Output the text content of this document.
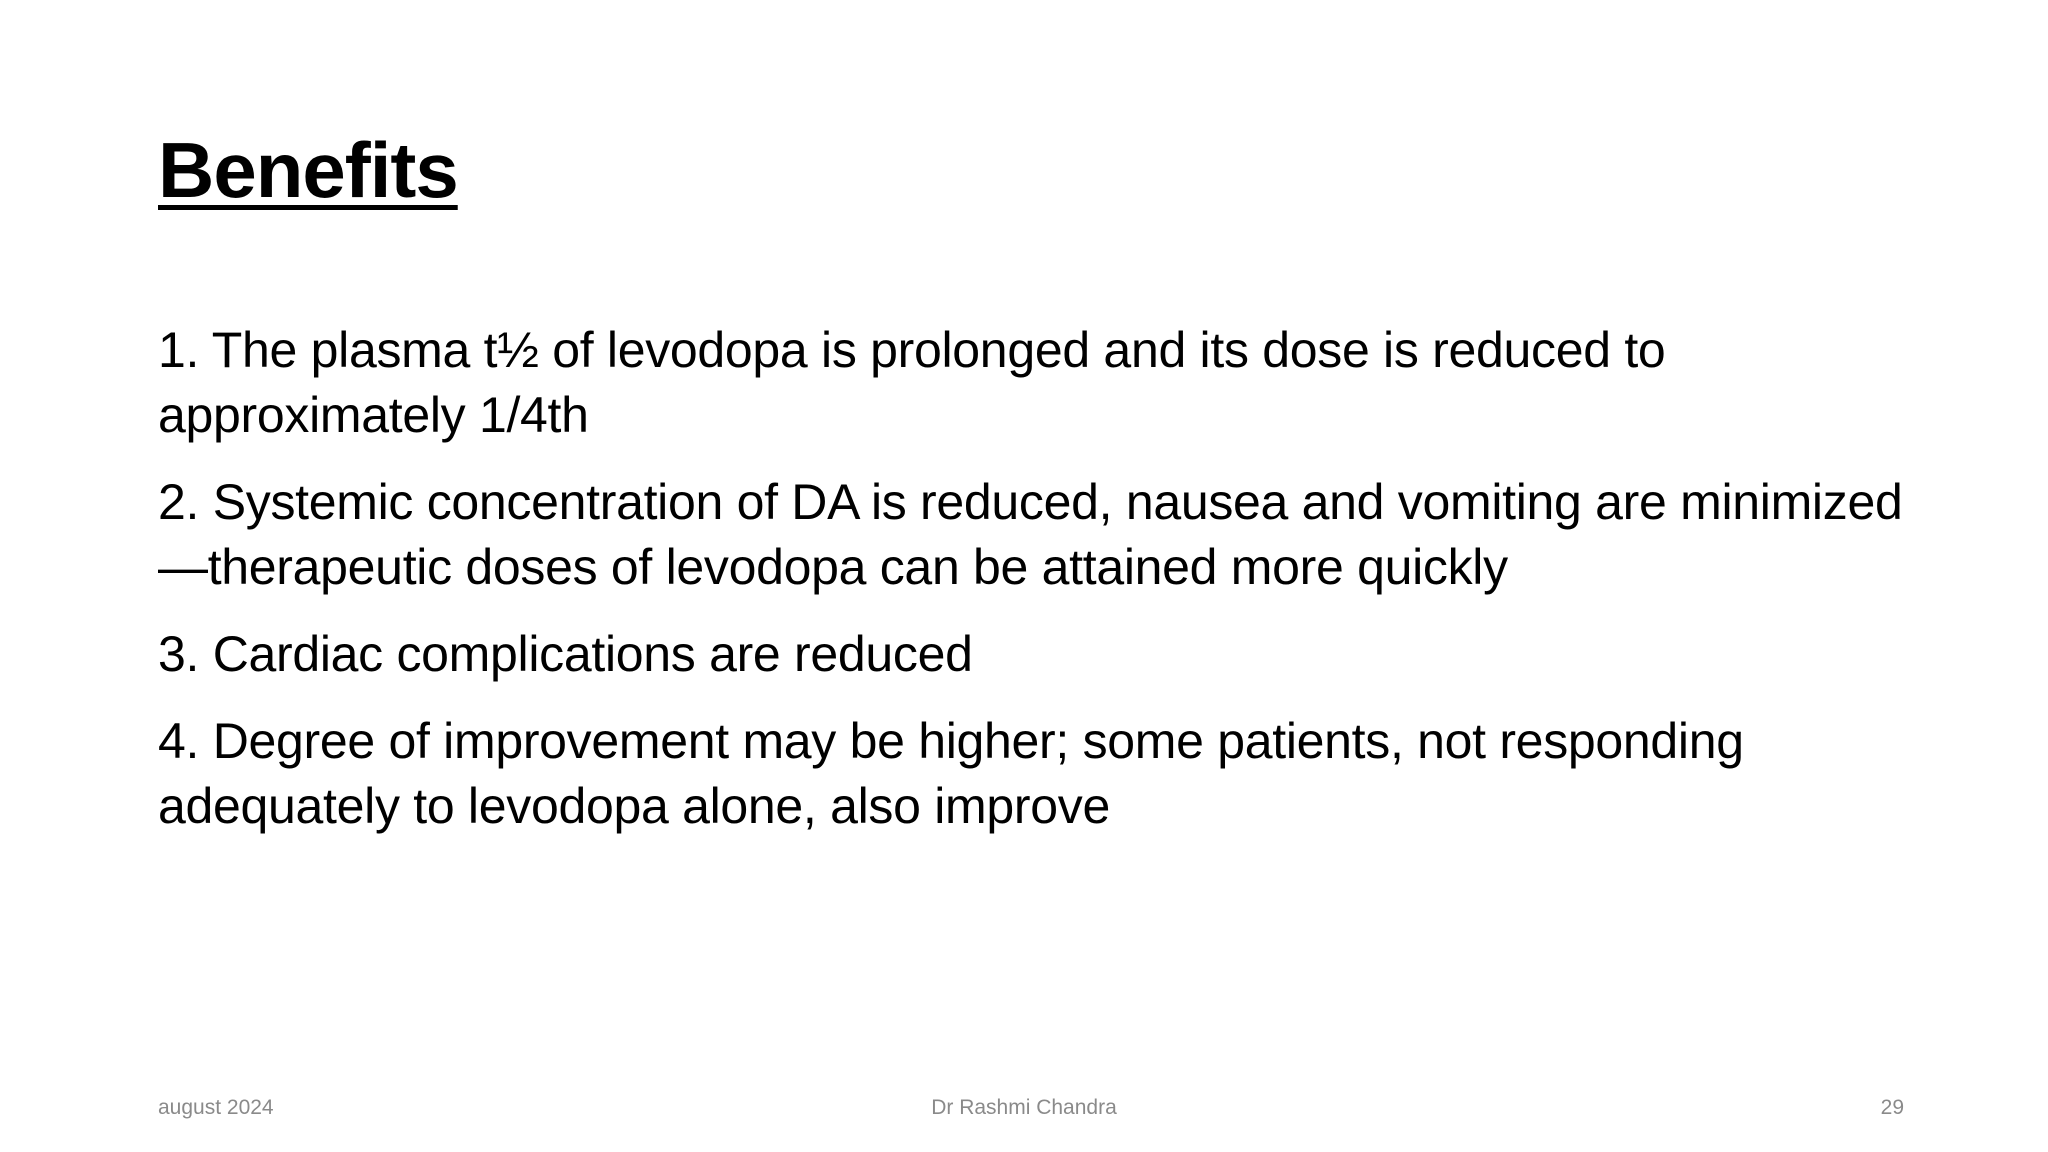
Benefits
1. The plasma t½ of levodopa is prolonged and its dose is reduced to approximately 1/4th
2. Systemic concentration of DA is reduced, nausea and vomiting are minimized—therapeutic doses of levodopa can be attained more quickly
3. Cardiac complications are reduced
4. Degree of improvement may be higher; some patients, not responding adequately to levodopa alone, also improve
august 2024	Dr Rashmi Chandra	29
